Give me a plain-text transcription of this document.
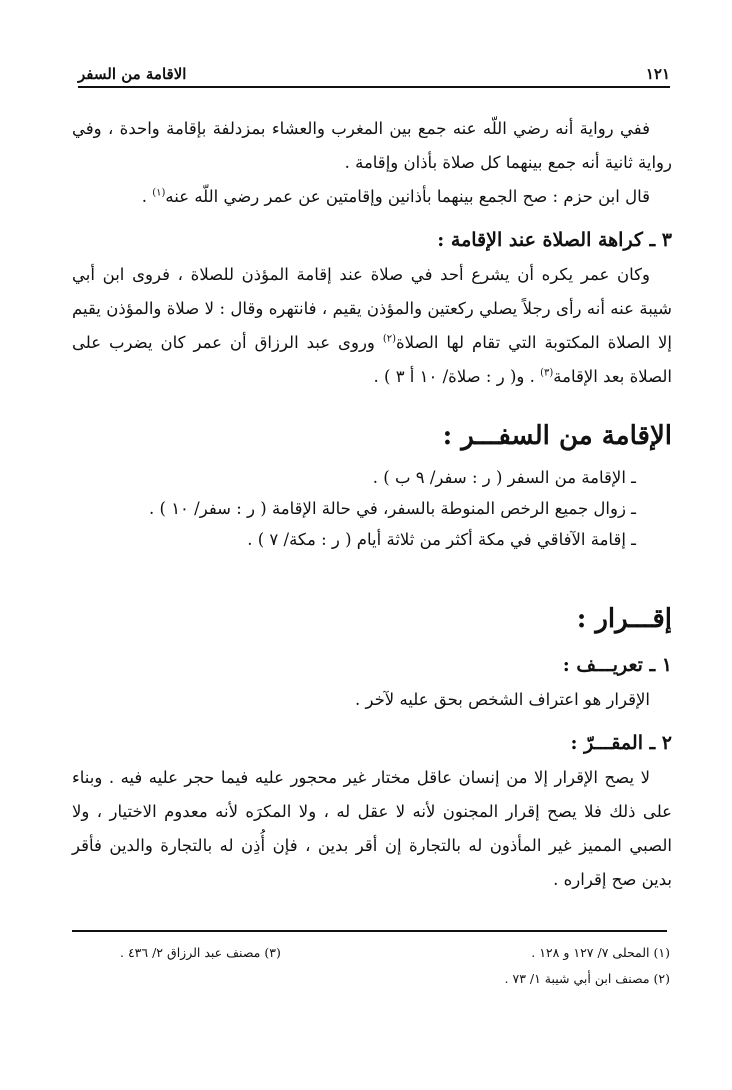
١٢١
الاقامة من السفر

ففي رواية أنه رضي اللّه عنه جمع بين المغرب والعشاء بمزدلفة بإقامة واحدة ، وفي رواية ثانية أنه جمع بينهما كل صلاة بأذان وإقامة .

قال ابن حزم : صح الجمع بينهما بأذانين وإقامتين عن عمر رضي اللّه عنه$^{(١)}$ .

٣ ـ كراهة الصلاة عند الإقامة :

وكان عمر يكره أن يشرع أحد في صلاة عند إقامة المؤذن للصلاة ، فروى ابن أبي شيبة عنه أنه رأى رجلاً يصلي ركعتين والمؤذن يقيم ، فانتهره وقال : لا صلاة والمؤذن يقيم إلا الصلاة المكتوبة التي تقام لها الصلاة$^{(٢)}$ وروى عبد الرزاق أن عمر كان يضرب على الصلاة بعد الإقامة$^{(٣)}$ . و( ر : صلاة/ ١٠ أ ٣ ) .

الإقامة من السفـــر :

ـ الإقامة من السفر ( ر : سفر/ ٩ ب ) .

ـ زوال جميع الرخص المنوطة بالسفر، في حالة الإقامة ( ر : سفر/ ١٠ ) .

ـ إقامة الآفاقي في مكة أكثر من ثلاثة أيام ( ر : مكة/ ٧ ) .

إقـــرار :
١ ـ تعريـــف :

الإقرار هو اعتراف الشخص بحق عليه لآخر .

٢ ـ المقـــرّ :

لا يصح الإقرار إلا من إنسان عاقل مختار غير محجور عليه فيما حجر عليه فيه . وبناء على ذلك فلا يصح إقرار المجنون لأنه لا عقل له ، ولا المكرَه لأنه معدوم الاختيار ، ولا الصبي المميز غير المأذون له بالتجارة إن أقر بدين ، فإن أُذِن له بالتجارة والدين فأقر بدين صح إقراره .

(١) المحلى ٧/ ١٢٧ و ١٢٨ .
(٢) مصنف ابن أبي شيبة ١/ ٧٣ .
(٣) مصنف عبد الرزاق ٢/ ٤٣٦ .
